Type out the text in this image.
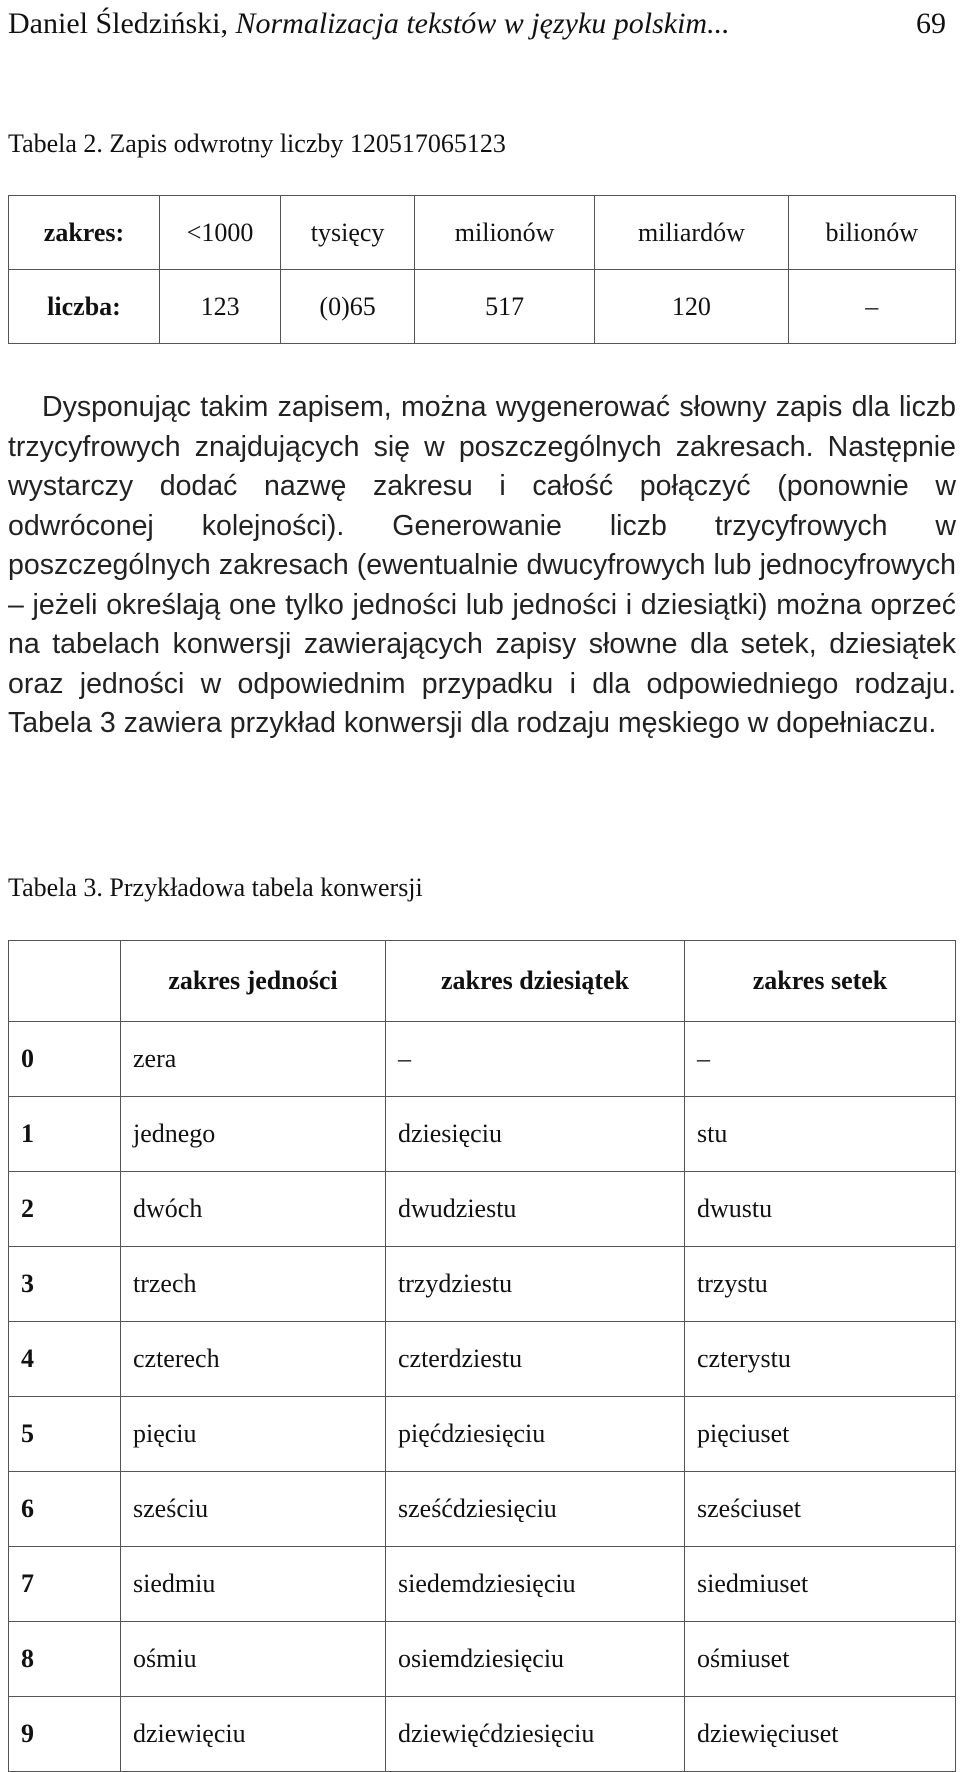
Daniel Śledziński, Normalizacja tekstów w języku polskim...	69
Tabela 2. Zapis odwrotny liczby 120517065123
zakres:	<1000	tysięcy	milionów	miliardów	bilionów
liczba:	123	(0)65	517	120	–

Dysponując takim zapisem, można wygenerować słowny zapis dla liczb trzycyfrowych znajdujących się w poszczególnych zakresach. Następnie wystarczy dodać nazwę zakresu i całość połączyć (ponownie w odwróconej kolejności). Generowanie liczb trzycyfrowych w poszczególnych zakresach (ewentualnie dwucyfrowych lub jednocyfrowych – jeżeli określają one tylko jedności lub jedności i dziesiątki) można oprzeć na tabelach konwersji zawierających zapisy słowne dla setek, dziesiątek oraz jedności w odpowiednim przypadku i dla odpowiedniego rodzaju. Tabela 3 zawiera przykład konwersji dla rodzaju męskiego w dopełniaczu.

Tabela 3. Przykładowa tabela konwersji
	zakres jedności	zakres dziesiątek	zakres setek
0	zera	–	–
1	jednego	dziesięciu	stu
2	dwóch	dwudziestu	dwustu
3	trzech	trzydziestu	trzystu
4	czterech	czterdziestu	czterystu
5	pięciu	pięćdziesięciu	pięciuset
6	sześciu	sześćdziesięciu	sześciuset
7	siedmiu	siedemdziesięciu	siedmiuset
8	ośmiu	osiemdziesięciu	ośmiuset
9	dziewięciu	dziewięćdziesięciu	dziewięciuset
